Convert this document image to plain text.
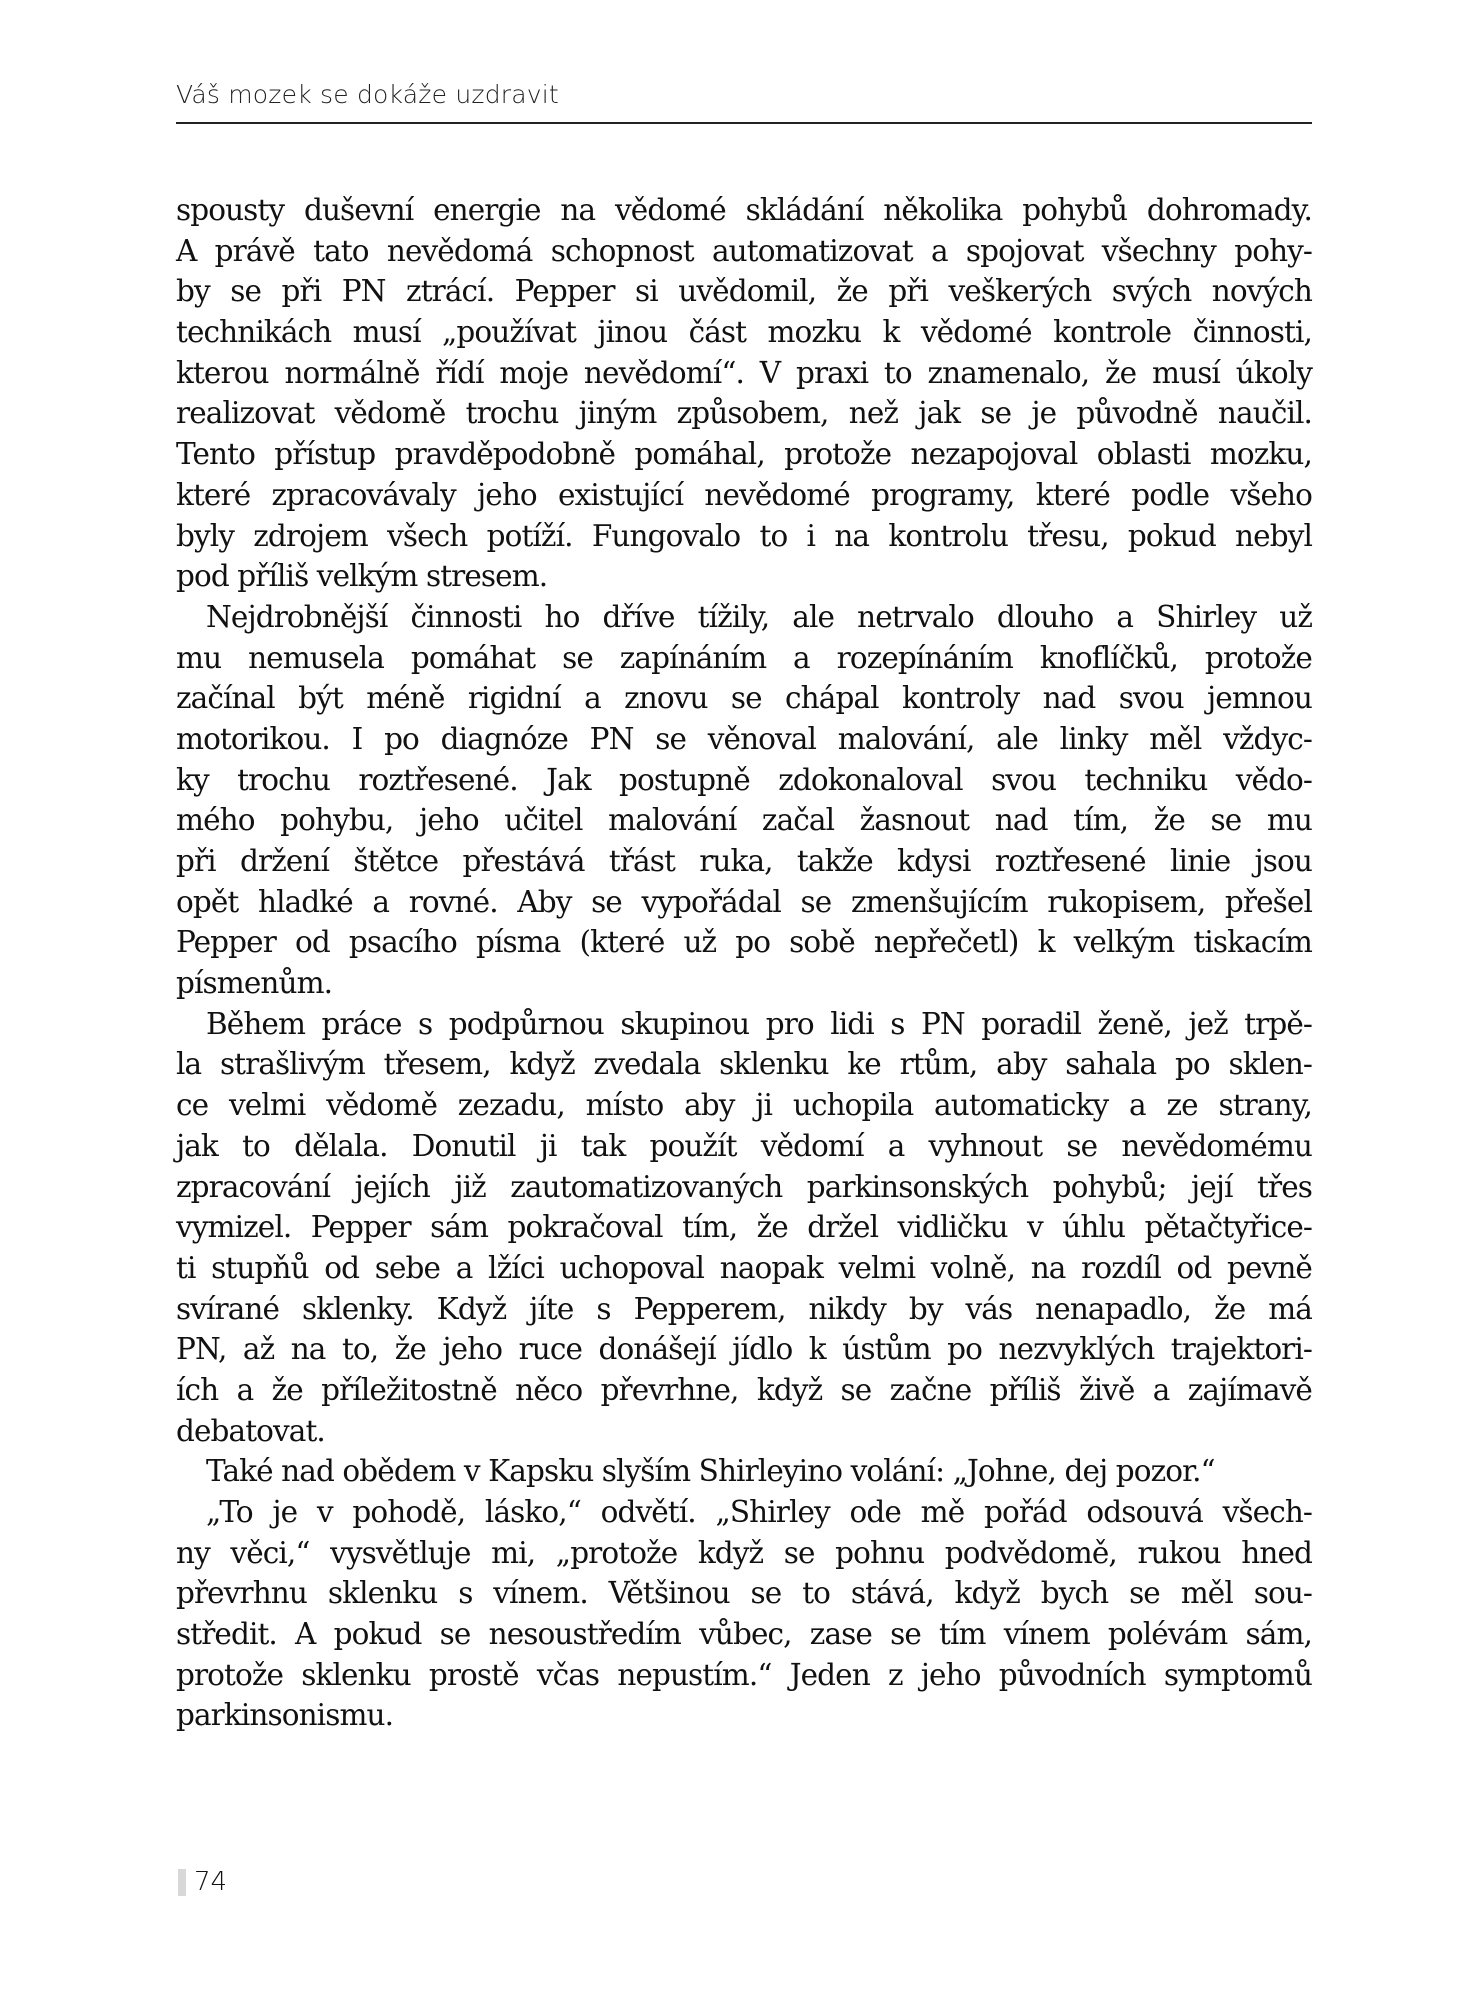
Váš mozek se dokáže uzdravit
spousty duševní energie na vědomé skládání několika pohybů dohromady.
A právě tato nevědomá schopnost automatizovat a spojovat všechny pohy-
by se při PN ztrácí. Pepper si uvědomil, že při veškerých svých nových
technikách musí „používat jinou část mozku k vědomé kontrole činnosti,
kterou normálně řídí moje nevědomí“. V praxi to znamenalo, že musí úkoly
realizovat vědomě trochu jiným způsobem, než jak se je původně naučil.
Tento přístup pravděpodobně pomáhal, protože nezapojoval oblasti mozku,
které zpracovávaly jeho existující nevědomé programy, které podle všeho
byly zdrojem všech potíží. Fungovalo to i na kontrolu třesu, pokud nebyl
pod příliš velkým stresem.
Nejdrobnější činnosti ho dříve tížily, ale netrvalo dlouho a Shirley už
mu nemusela pomáhat se zapínáním a rozepínáním knoflíčků, protože
začínal být méně rigidní a znovu se chápal kontroly nad svou jemnou
motorikou. I po diagnóze PN se věnoval malování, ale linky měl vždyc-
ky trochu roztřesené. Jak postupně zdokonaloval svou techniku vědo-
mého pohybu, jeho učitel malování začal žasnout nad tím, že se mu
při držení štětce přestává třást ruka, takže kdysi roztřesené linie jsou
opět hladké a rovné. Aby se vypořádal se zmenšujícím rukopisem, přešel
Pepper od psacího písma (které už po sobě nepřečetl) k velkým tiskacím
písmenům.
Během práce s podpůrnou skupinou pro lidi s PN poradil ženě, jež trpě-
la strašlivým třesem, když zvedala sklenku ke rtům, aby sahala po sklen-
ce velmi vědomě zezadu, místo aby ji uchopila automaticky a ze strany,
jak to dělala. Donutil ji tak použít vědomí a vyhnout se nevědomému
zpracování jejích již zautomatizovaných parkinsonských pohybů; její třes
vymizel. Pepper sám pokračoval tím, že držel vidličku v úhlu pětačtyřice-
ti stupňů od sebe a lžíci uchopoval naopak velmi volně, na rozdíl od pevně
svírané sklenky. Když jíte s Pepperem, nikdy by vás nenapadlo, že má
PN, až na to, že jeho ruce donášejí jídlo k ústům po nezvyklých trajektori-
ích a že příležitostně něco převrhne, když se začne příliš živě a zajímavě
debatovat.
Také nad obědem v Kapsku slyším Shirleyino volání: „Johne, dej pozor.“
„To je v pohodě, lásko,“ odvětí. „Shirley ode mě pořád odsouvá všech-
ny věci,“ vysvětluje mi, „protože když se pohnu podvědomě, rukou hned
převrhnu sklenku s vínem. Většinou se to stává, když bych se měl sou-
středit. A pokud se nesoustředím vůbec, zase se tím vínem polévám sám,
protože sklenku prostě včas nepustím.“ Jeden z jeho původních symptomů
parkinsonismu.
74
